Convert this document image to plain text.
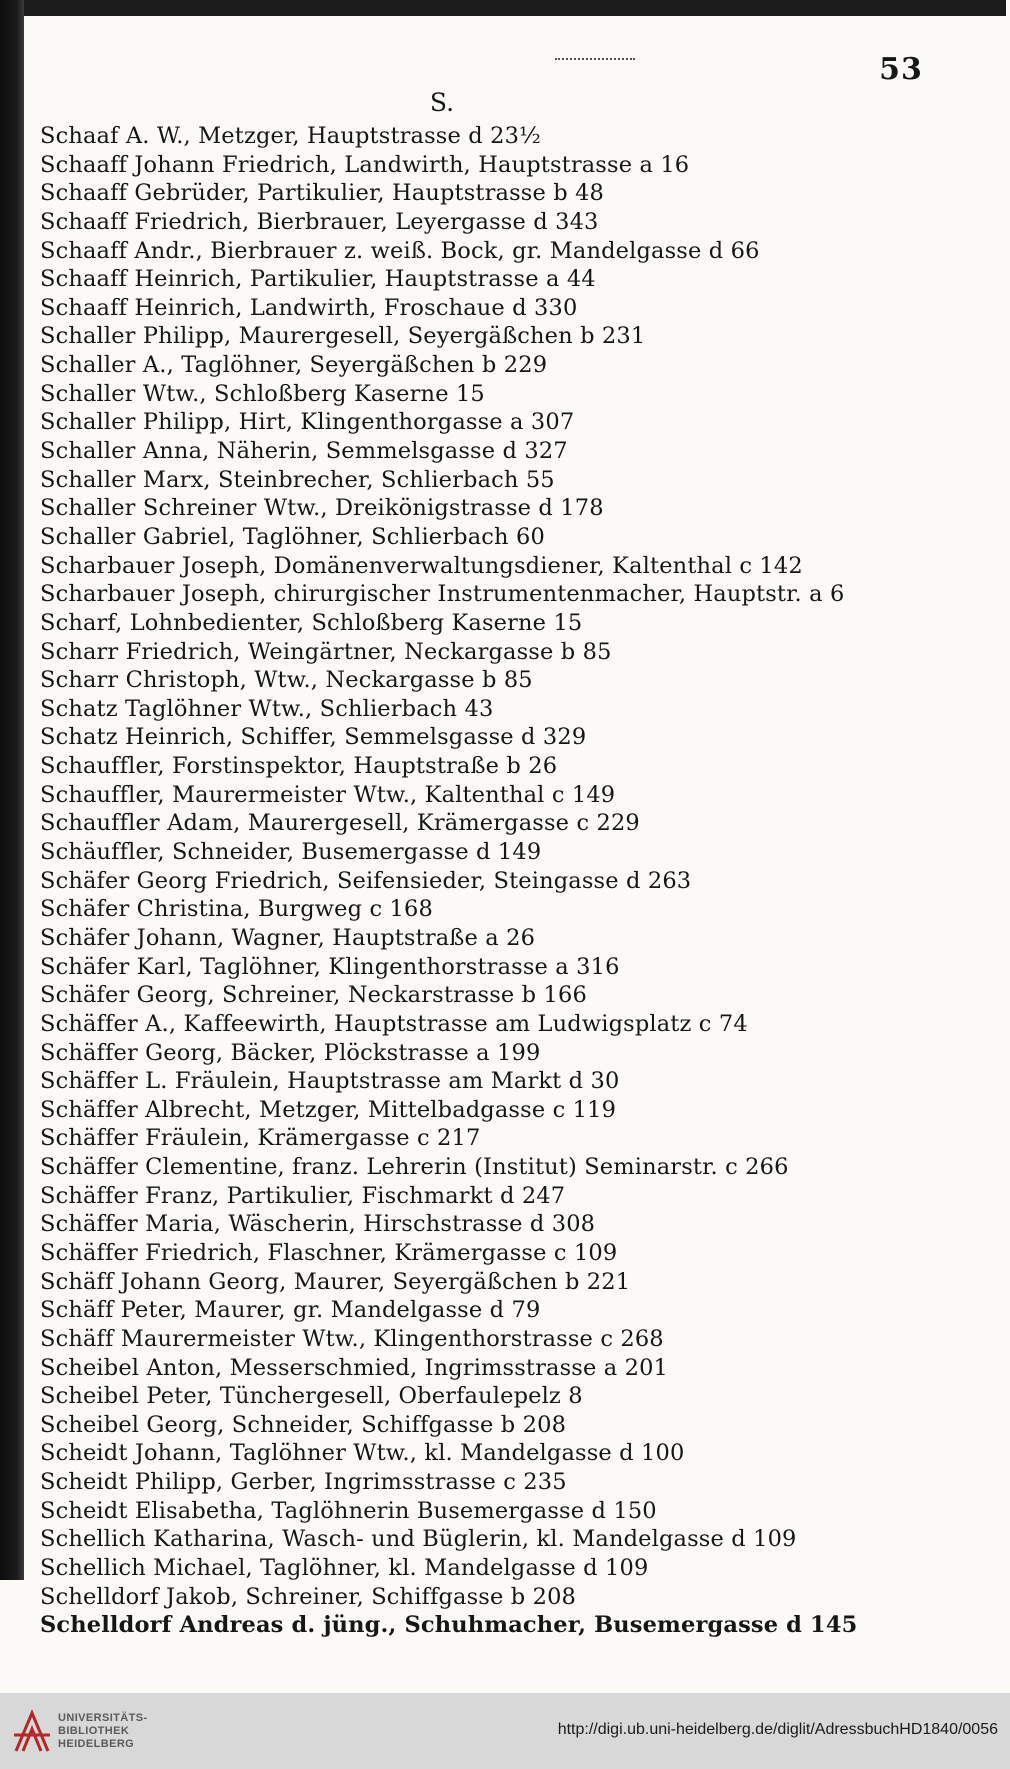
53
S.
Schaaf A. W., Metzger, Hauptstrasse d 23½
Schaaff Johann Friedrich, Landwirth, Hauptstrasse a 16
Schaaff Gebrüder, Partikulier, Hauptstrasse b 48
Schaaff Friedrich, Bierbrauer, Leyergasse d 343
Schaaff Andr., Bierbrauer z. weiß. Bock, gr. Mandelgasse d 66
Schaaff Heinrich, Partikulier, Hauptstrasse a 44
Schaaff Heinrich, Landwirth, Froschaue d 330
Schaller Philipp, Maurergesell, Seyergäßchen b 231
Schaller A., Taglöhner, Seyergäßchen b 229
Schaller Wtw., Schloßberg Kaserne 15
Schaller Philipp, Hirt, Klingenthorgasse a 307
Schaller Anna, Näherin, Semmelsgasse d 327
Schaller Marx, Steinbrecher, Schlierbach 55
Schaller Schreiner Wtw., Dreikönigstrasse d 178
Schaller Gabriel, Taglöhner, Schlierbach 60
Scharbauer Joseph, Domänenverwaltungsdiener, Kaltenthal c 142
Scharbauer Joseph, chirurgischer Instrumentenmacher, Hauptstr. a 6
Scharf, Lohnbedienter, Schloßberg Kaserne 15
Scharr Friedrich, Weingärtner, Neckargasse b 85
Scharr Christoph, Wtw., Neckargasse b 85
Schatz Taglöhner Wtw., Schlierbach 43
Schatz Heinrich, Schiffer, Semmelsgasse d 329
Schauffler, Forstinspektor, Hauptstraße b 26
Schauffler, Maurermeister Wtw., Kaltenthal c 149
Schauffler Adam, Maurergesell, Krämergasse c 229
Schäuffler, Schneider, Busemergasse d 149
Schäfer Georg Friedrich, Seifensieder, Steingasse d 263
Schäfer Christina, Burgweg c 168
Schäfer Johann, Wagner, Hauptstraße a 26
Schäfer Karl, Taglöhner, Klingenthorstrasse a 316
Schäfer Georg, Schreiner, Neckarstrasse b 166
Schäffer A., Kaffeewirth, Hauptstrasse am Ludwigsplatz c 74
Schäffer Georg, Bäcker, Plöckstrasse a 199
Schäffer L. Fräulein, Hauptstrasse am Markt d 30
Schäffer Albrecht, Metzger, Mittelbadgasse c 119
Schäffer Fräulein, Krämergasse c 217
Schäffer Clementine, franz. Lehrerin (Institut) Seminarstr. c 266
Schäffer Franz, Partikulier, Fischmarkt d 247
Schäffer Maria, Wäscherin, Hirschstrasse d 308
Schäffer Friedrich, Flaschner, Krämergasse c 109
Schäff Johann Georg, Maurer, Seyergäßchen b 221
Schäff Peter, Maurer, gr. Mandelgasse d 79
Schäff Maurermeister Wtw., Klingenthorstrasse c 268
Scheibel Anton, Messerschmied, Ingrimsstrasse a 201
Scheibel Peter, Tünchergesell, Oberfaulepelz 8
Scheibel Georg, Schneider, Schiffgasse b 208
Scheidt Johann, Taglöhner Wtw., kl. Mandelgasse d 100
Scheidt Philipp, Gerber, Ingrimsstrasse c 235
Scheidt Elisabetha, Taglöhnerin Busemergasse d 150
Schellich Katharina, Wasch- und Büglerin, kl. Mandelgasse d 109
Schellich Michael, Taglöhner, kl. Mandelgasse d 109
Schelldorf Jakob, Schreiner, Schiffgasse b 208
Schelldorf Andreas d. jüng., Schuhmacher, Busemergasse d 145
UNIVERSITÄTS-
BIBLIOTHEK
HEIDELBERG
http://digi.ub.uni-heidelberg.de/diglit/AdressbuchHD1840/0056
